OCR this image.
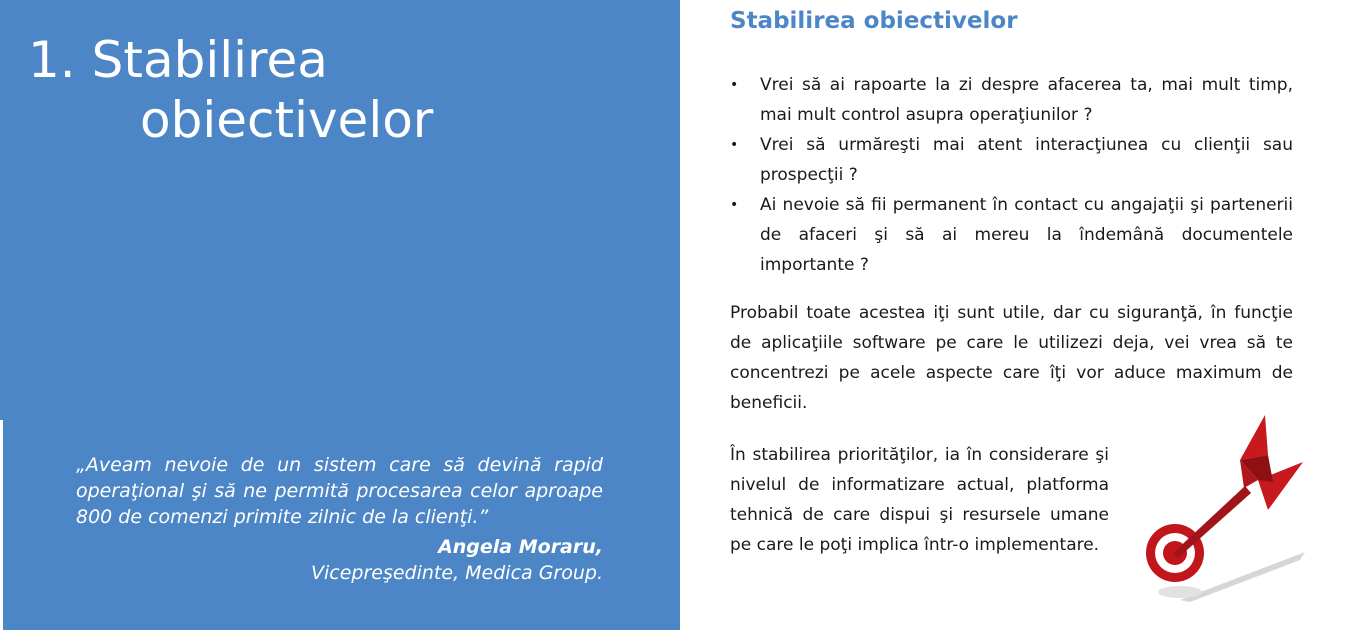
1. Stabilirea
obiectivelor

„Aveam nevoie de un sistem care să devină rapid operaţional şi să ne permită procesarea celor aproape 800 de comenzi primite zilnic de la clienţi.”

Angela Moraru,
Vicepreşedinte, Medica Group.
Stabilirea obiectivelor
• Vrei să ai rapoarte la zi despre afacerea ta, mai mult timp, mai mult control asupra operaţiunilor ?
• Vrei să urmăreşti mai atent interacţiunea cu clienţii sau prospecţii ?
• Ai nevoie să fii permanent în contact cu angajaţii şi partenerii de afaceri şi să ai mereu la îndemână documentele importante ?

Probabil toate acestea iţi sunt utile, dar cu siguranţă, în funcţie de aplicaţiile software pe care le utilizezi deja, vei vrea să te concentrezi pe acele aspecte care îţi vor aduce maximum de beneficii.

În stabilirea priorităţilor, ia în considerare şi nivelul de informatizare actual, platforma tehnică de care dispui şi resursele umane pe care le poţi implica într-o implementare.
